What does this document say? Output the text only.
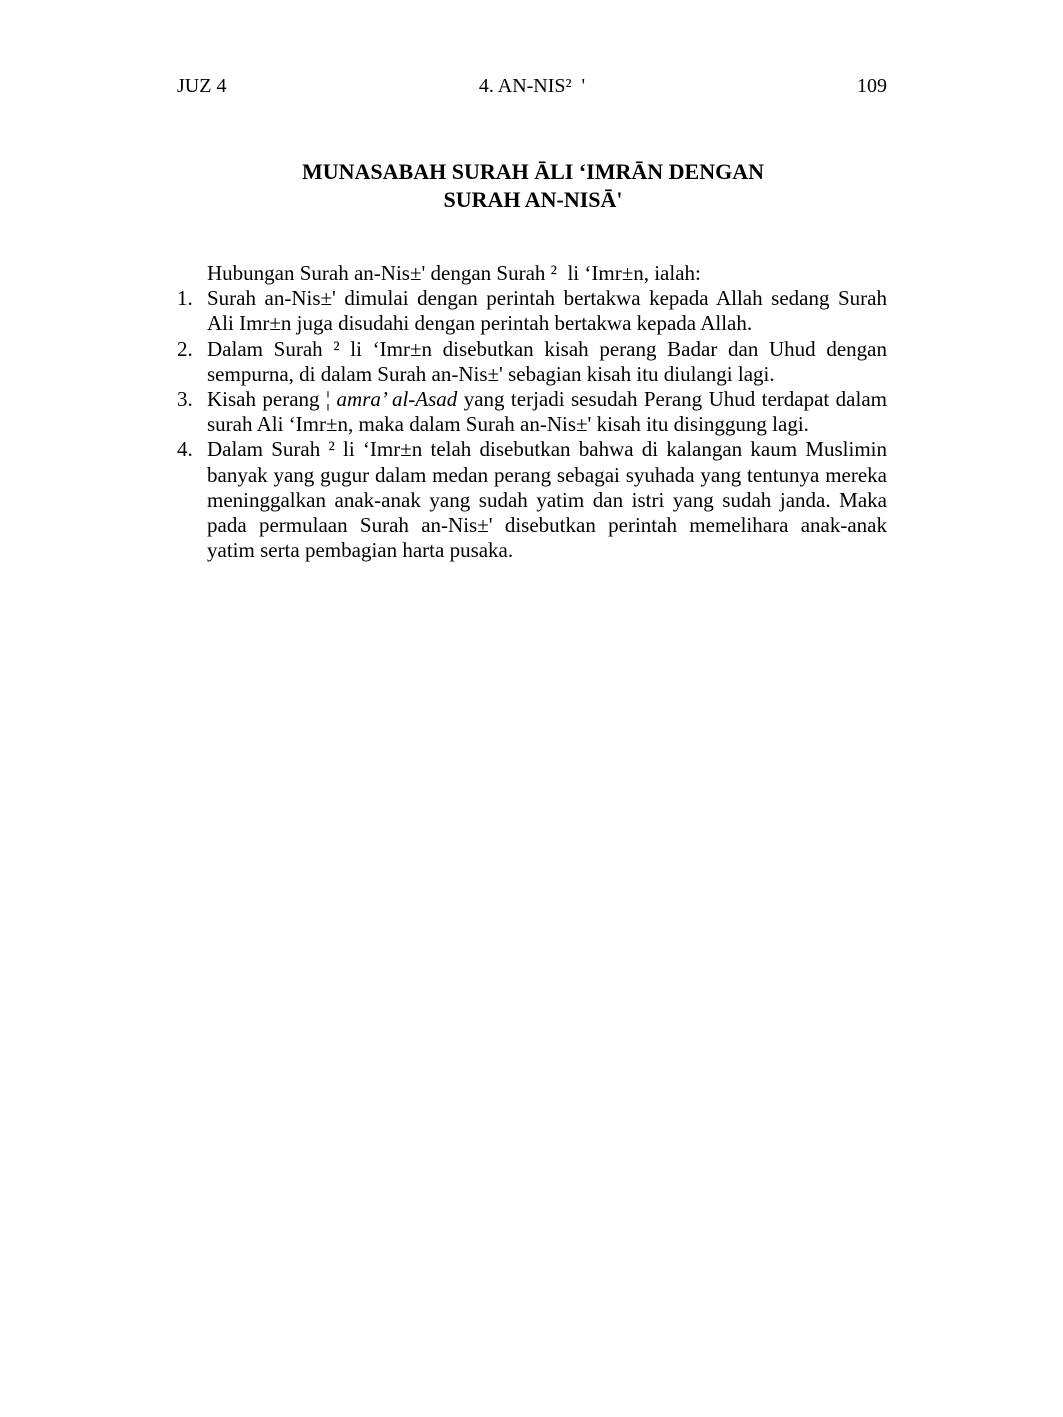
JUZ 4	4. AN-NIS²  '	109
MUNASABAH SURAH ĀLI ‘IMRĀN DENGAN
SURAH AN-NISĀ'
Hubungan Surah an-Nis±' dengan Surah ²  li ‘Imr±n, ialah:
1. Surah an-Nis±' dimulai dengan perintah bertakwa kepada Allah sedang Surah Ali Imr±n juga disudahi dengan perintah bertakwa kepada Allah.
2. Dalam Surah ² li ‘Imr±n disebutkan kisah perang Badar dan Uhud dengan sempurna, di dalam Surah an-Nis±' sebagian kisah itu diulangi lagi.
3. Kisah perang ¦ amra’ al-Asad yang terjadi sesudah Perang Uhud terdapat dalam surah Ali ‘Imr±n, maka dalam Surah an-Nis±' kisah itu disinggung lagi.
4. Dalam Surah ² li ‘Imr±n telah disebutkan bahwa di kalangan kaum Muslimin banyak yang gugur dalam medan perang sebagai syuhada yang tentunya mereka meninggalkan anak-anak yang sudah yatim dan istri yang sudah janda. Maka pada permulaan Surah an-Nis±' disebutkan perintah memelihara anak-anak yatim serta pembagian harta pusaka.
